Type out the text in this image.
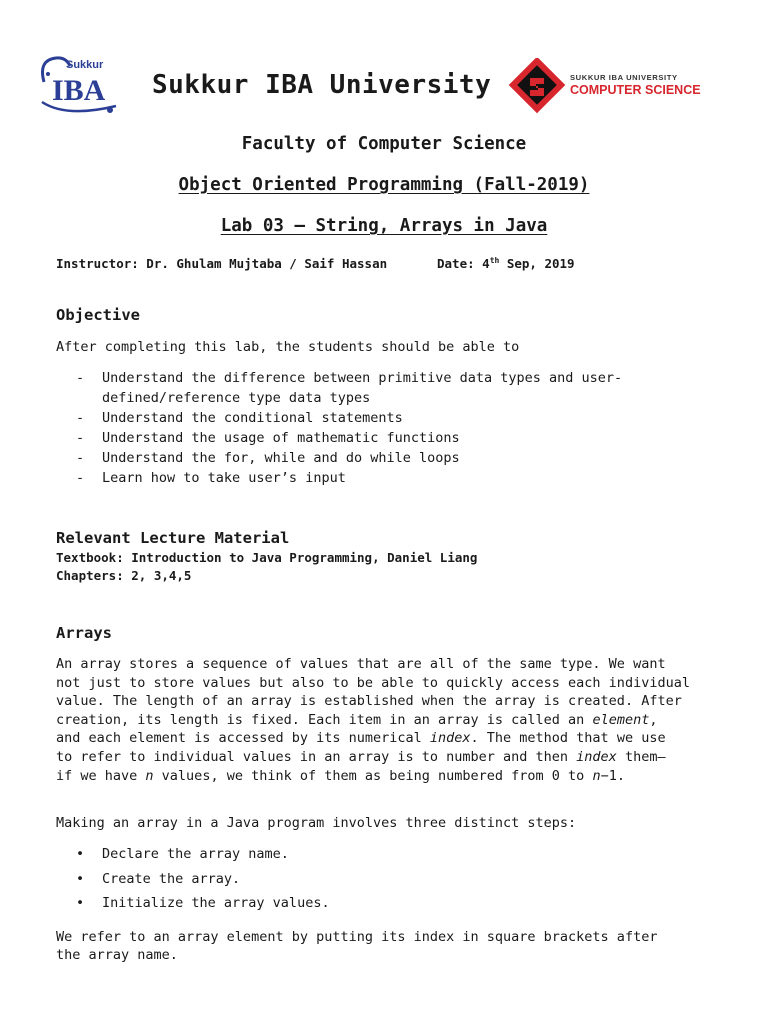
Sukkur
IBA Sukkur IBA University	SUKKUR IBA UNIVERSITY
COMPUTER SCIENCE
Faculty of Computer Science
Object Oriented Programming (Fall-2019)
Lab 03 – String, Arrays in Java
Instructor: Dr. Ghulam Mujtaba / Saif Hassan	Date: 4th Sep, 2019
Objective
After completing this lab, the students should be able to
- Understand the difference between primitive data types and user-
defined/reference type data types
- Understand the conditional statements
- Understand the usage of mathematic functions
- Understand the for, while and do while loops
- Learn how to take user’s input
Relevant Lecture Material
Textbook: Introduction to Java Programming, Daniel Liang
Chapters: 2, 3,4,5
Arrays
An array stores a sequence of values that are all of the same type. We want
not just to store values but also to be able to quickly access each individual
value. The length of an array is established when the array is created. After
creation, its length is fixed. Each item in an array is called an element,
and each element is accessed by its numerical index. The method that we use
to refer to individual values in an array is to number and then index them—
if we have n values, we think of them as being numbered from 0 to n−1.
Making an array in a Java program involves three distinct steps:
• Declare the array name.
• Create the array.
• Initialize the array values.
We refer to an array element by putting its index in square brackets after
the array name.
